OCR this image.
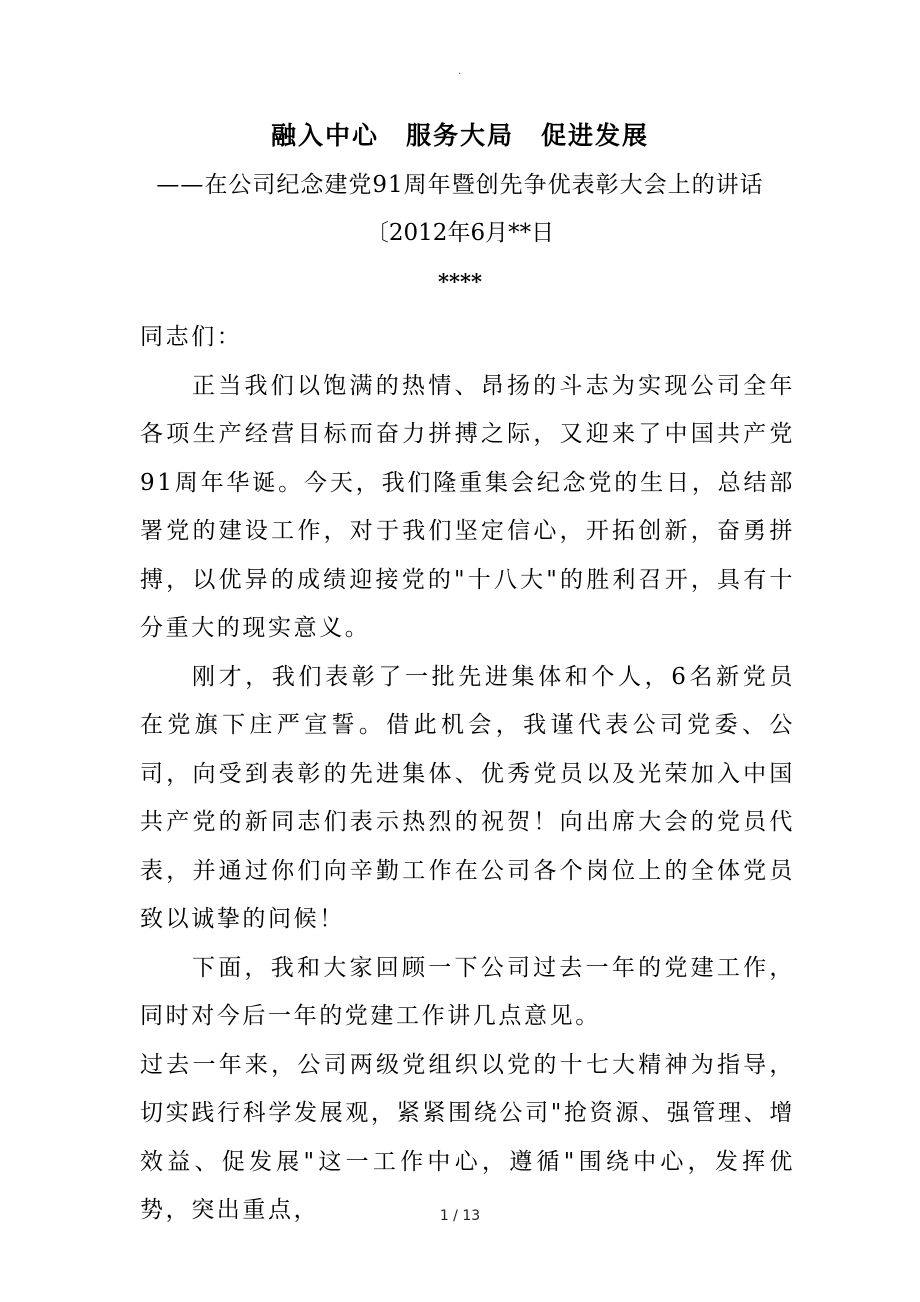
.
融入中心　服务大局　促进发展
——在公司纪念建党91周年暨创先争优表彰大会上的讲话
〔2012年6月**日
****

同志们：

正当我们以饱满的热情、昂扬的斗志为实现公司全年各项生产经营目标而奋力拼搏之际，又迎来了中国共产党91周年华诞。今天，我们隆重集会纪念党的生日，总结部署党的建设工作，对于我们坚定信心，开拓创新，奋勇拼搏，以优异的成绩迎接党的"十八大"的胜利召开，具有十分重大的现实意义。

刚才，我们表彰了一批先进集体和个人，6名新党员在党旗下庄严宣誓。借此机会，我谨代表公司党委、公司，向受到表彰的先进集体、优秀党员以及光荣加入中国共产党的新同志们表示热烈的祝贺！向出席大会的党员代表，并通过你们向辛勤工作在公司各个岗位上的全体党员致以诚挚的问候！

下面，我和大家回顾一下公司过去一年的党建工作，同时对今后一年的党建工作讲几点意见。

过去一年来，公司两级党组织以党的十七大精神为指导，切实践行科学发展观，紧紧围绕公司"抢资源、强管理、增效益、促发展"这一工作中心，遵循"围绕中心，发挥优势，突出重点，	1 / 13
